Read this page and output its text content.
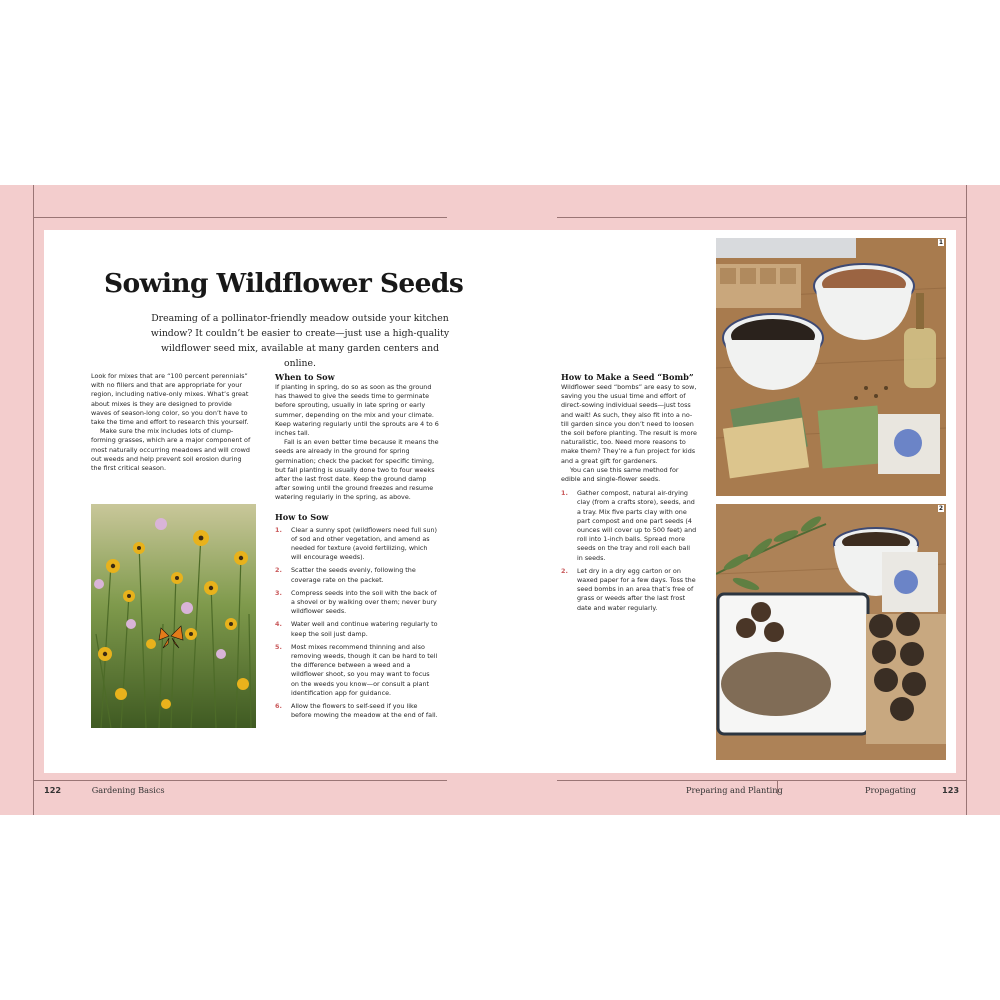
Sowing Wildflower Seeds

Dreaming of a pollinator-friendly meadow outside your kitchen window? It couldn’t be easier to create—just use a high-quality wildflower seed mix, available at many garden centers and online.

Look for mixes that are “100 percent perennials” with no fillers and that are appropriate for your region, including native-only mixes. What’s great about mixes is they are designed to provide waves of season-long color, so you don’t have to take the time and effort to research this yourself.

Make sure the mix includes lots of clump-forming grasses, which are a major component of most naturally occurring meadows and will crowd out weeds and help prevent soil erosion during the first critical season.

When to Sow

If planting in spring, do so as soon as the ground has thawed to give the seeds time to germinate before sprouting, usually in late spring or early summer, depending on the mix and your climate. Keep watering regularly until the sprouts are 4 to 6 inches tall.

Fall is an even better time because it means the seeds are already in the ground for spring germination; check the packet for specific timing, but fall planting is usually done two to four weeks after the last frost date. Keep the ground damp after sowing until the ground freezes and resume watering regularly in the spring, as above.

How to Sow
1. Clear a sunny spot (wildflowers need full sun) of sod and other vegetation, and amend as needed for texture (avoid fertilizing, which will encourage weeds).
2. Scatter the seeds evenly, following the coverage rate on the packet.
3. Compress seeds into the soil with the back of a shovel or by walking over them; never bury wildflower seeds.
4. Water well and continue watering regularly to keep the soil just damp.
5. Most mixes recommend thinning and also removing weeds, though it can be hard to tell the difference between a weed and a wildflower shoot, so you may want to focus on the weeds you know—or consult a plant identification app for guidance.
6. Allow the flowers to self-seed if you like before mowing the meadow at the end of fall.
How to Make a Seed “Bomb”

Wildflower seed “bombs” are easy to sow, saving you the usual time and effort of direct-sowing individual seeds—just toss and wait! As such, they also fit into a no-till garden since you don’t need to loosen the soil before planting. The result is more naturalistic, too. Need more reasons to make them? They’re a fun project for kids and a great gift for gardeners.

You can use this same method for edible and single-flower seeds.

1. Gather compost, natural air-drying clay (from a crafts store), seeds, and a tray. Mix five parts clay with one part compost and one part seeds (4 ounces will cover up to 500 feet) and roll into 1-inch balls. Spread more seeds on the tray and roll each ball in seeds.
2. Let dry in a dry egg carton or on waxed paper for a few days. Toss the seed bombs in an area that’s free of grass or weeds after the last frost date and water regularly.
1
2
122	Gardening Basics	Preparing and Planting	Propagating	123
